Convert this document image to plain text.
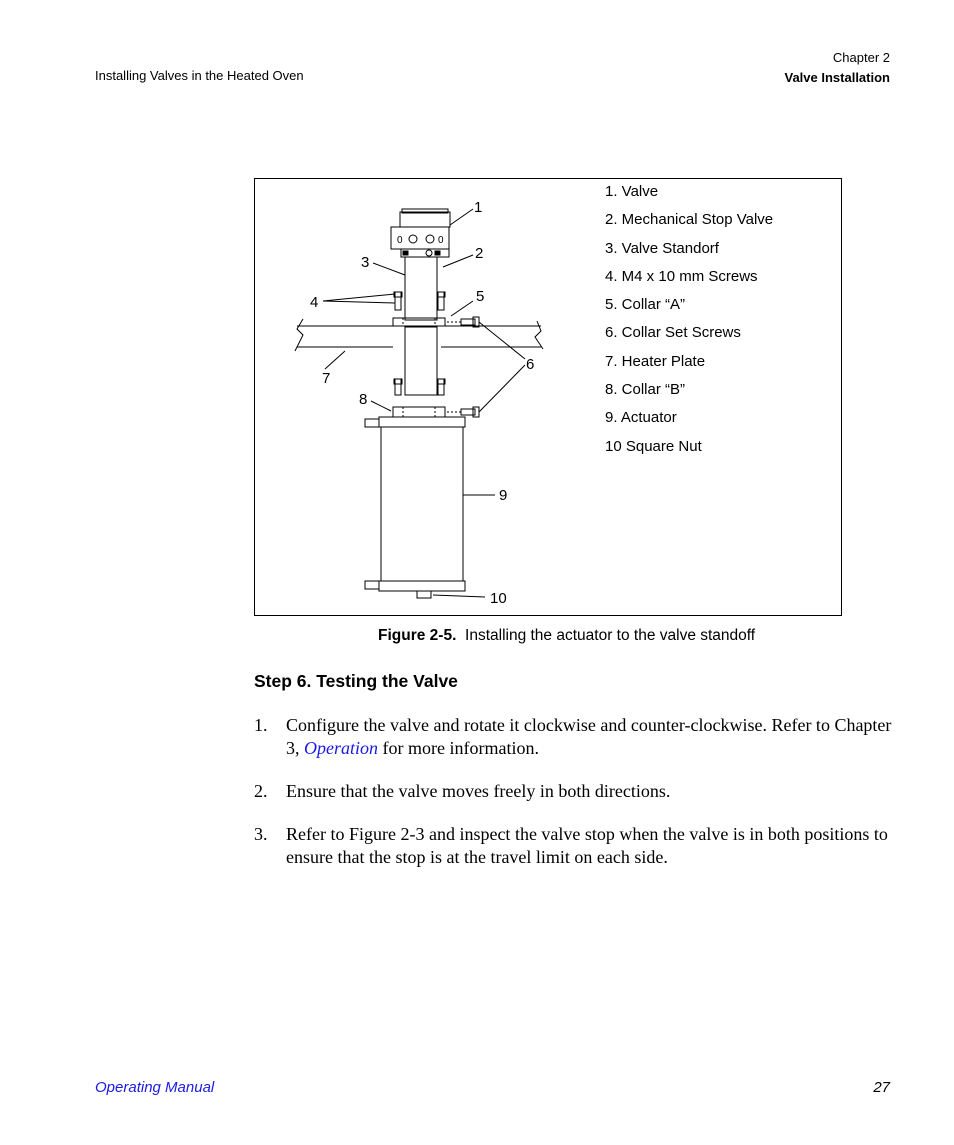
Installing Valves in the Heated Oven
Chapter 2
Valve Installation
0	0
1
2
3
4	5
6
7
8
9
10
1. Valve
2. Mechanical Stop Valve
3. Valve Standorf
4. M4 x 10 mm Screws
5. Collar “A”
6. Collar Set Screws
7. Heater Plate
8. Collar “B”
9. Actuator
10 Square Nut
Figure 2-5. Installing the actuator to the valve standoff
Step 6. Testing the Valve
1. Configure the valve and rotate it clockwise and counter-clockwise. Refer to Chapter 3, Operation for more information.
2. Ensure that the valve moves freely in both directions.
3. Refer to Figure 2-3 and inspect the valve stop when the valve is in both positions to ensure that the stop is at the travel limit on each side.
Operating Manual	27
